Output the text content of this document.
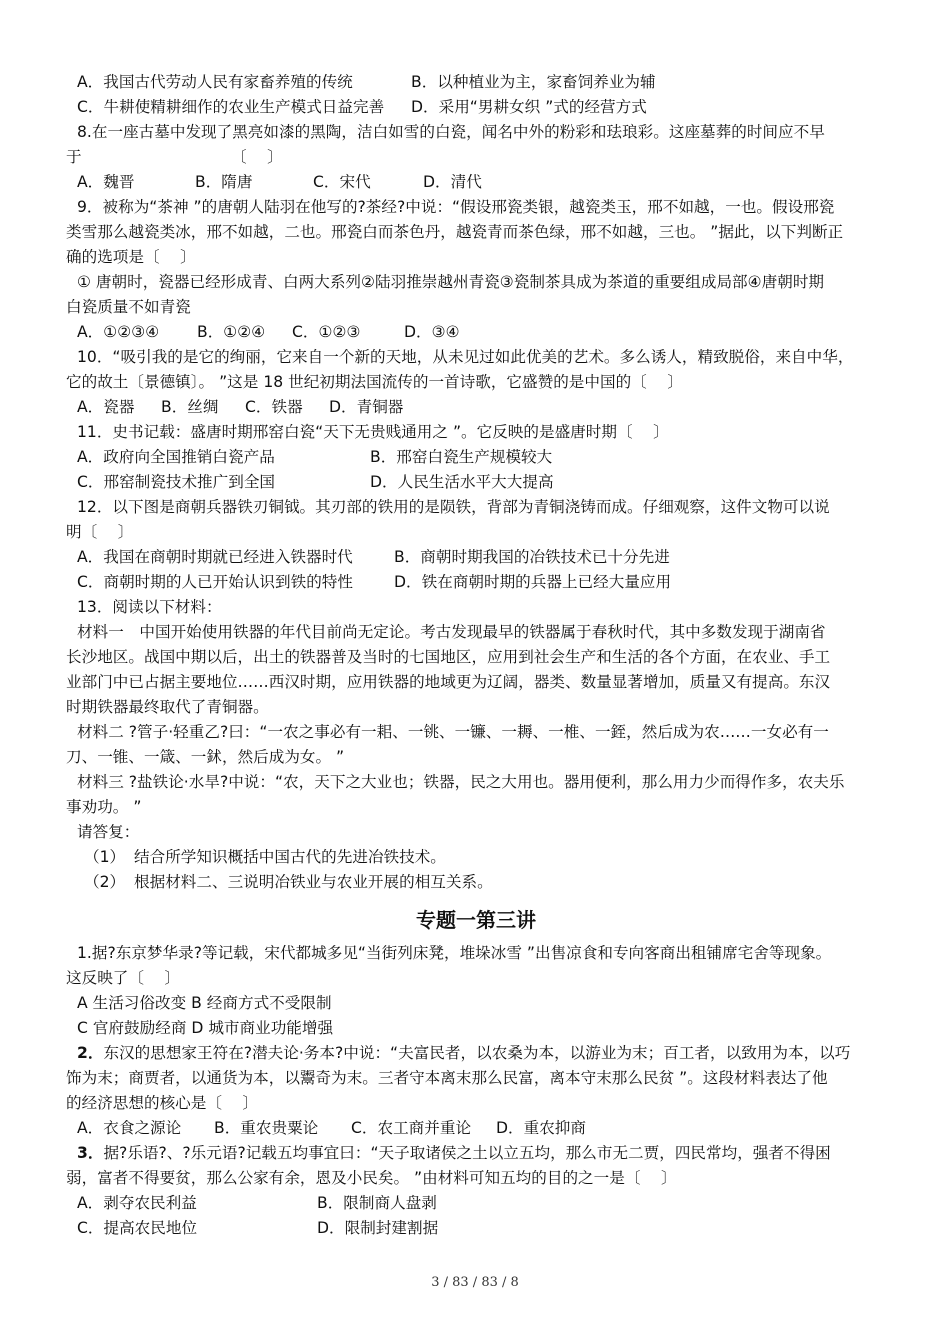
A．我国古代劳动人民有家畜养殖的传统	B．以种植业为主，家畜饲养业为辅
C．牛耕使精耕细作的农业生产模式日益完善	D．采用“男耕女织 ”式的经营方式
8.在一座古墓中发现了黑亮如漆的黑陶，洁白如雪的白瓷，闻名中外的粉彩和珐琅彩。这座墓葬的时间应不早
于	〔　 〕
A．魏晋	B．隋唐	C．宋代	D．清代
9．被称为“茶神 ”的唐朝人陆羽在他写的?茶经?中说：“假设邢瓷类银，越瓷类玉，邢不如越，一也。假设邢瓷
类雪那么越瓷类冰，邢不如越，二也。邢瓷白而茶色丹，越瓷青而茶色绿，邢不如越，三也。 ”据此，以下判断正
确的选项是〔　 〕
① 唐朝时，瓷器已经形成青、白两大系列②陆羽推崇越州青瓷③瓷制茶具成为茶道的重要组成局部④唐朝时期
白瓷质量不如青瓷
A．①②③④	B．①②④	C．①②③	D．③④
10．“吸引我的是它的绚丽，它来自一个新的天地，从未见过如此优美的艺术。多么诱人，精致脱俗，来自中华，
它的故土〔景德镇〕。 ”这是 18 世纪初期法国流传的一首诗歌，它盛赞的是中国的〔　 〕
A．瓷器	B．丝绸	C．铁器	D．青铜器
11．史书记载：盛唐时期邢窑白瓷“天下无贵贱通用之 ”。它反映的是盛唐时期〔　 〕
A．政府向全国推销白瓷产品	B．邢窑白瓷生产规模较大
C．邢窑制瓷技术推广到全国	D．人民生活水平大大提高
12．以下图是商朝兵器铁刃铜钺。其刃部的铁用的是陨铁，背部为青铜浇铸而成。仔细观察，这件文物可以说
明〔　 〕
A．我国在商朝时期就已经进入铁器时代	B．商朝时期我国的冶铁技术已十分先进
C．商朝时期的人已开始认识到铁的特性	D．铁在商朝时期的兵器上已经大量应用
13．阅读以下材料：
材料一　中国开始使用铁器的年代目前尚无定论。考古发现最早的铁器属于春秋时代，其中多数发现于湖南省
长沙地区。战国中期以后，出土的铁器普及当时的七国地区，应用到社会生产和生活的各个方面，在农业、手工
业部门中已占据主要地位……西汉时期，应用铁器的地域更为辽阔，器类、数量显著增加，质量又有提高。东汉
时期铁器最终取代了青铜器。
材料二 ?管子·轻重乙?曰：“一农之事必有一耜、一铫、一镰、一耨、一椎、一銍，然后成为农……一女必有一
刀、一锥、一箴、一鉥，然后成为女。 ”
材料三 ?盐铁论·水旱?中说：“农，天下之大业也；铁器，民之大用也。器用便利，那么用力少而得作多，农夫乐
事劝功。 ”
请答复：
（1） 结合所学知识概括中国古代的先进冶铁技术。
（2） 根据材料二、三说明冶铁业与农业开展的相互关系。
专题一第三讲
1.据?东京梦华录?等记载，宋代都城多见“当街列床凳，堆垛冰雪 ”出售凉食和专向客商出租铺席宅舍等现象。
这反映了〔　 〕
A 生活习俗改变 B 经商方式不受限制
C 官府鼓励经商 D 城市商业功能增强
2．东汉的思想家王符在?潜夫论·务本?中说：“夫富民者，以农桑为本，以游业为末；百工者，以致用为本，以巧
饰为末；商贾者，以通货为本，以鬻奇为末。三者守本离末那么民富，离本守末那么民贫 ”。这段材料表达了他
的经济思想的核心是〔　 〕
A．衣食之源论	B．重农贵粟论	C．农工商并重论	D．重农抑商
3．据?乐语?、?乐元语?记载五均事宜曰：“天子取诸侯之土以立五均，那么市无二贾，四民常均，强者不得困
弱，富者不得要贫，那么公家有余，恩及小民矣。 ”由材料可知五均的目的之一是〔　 〕
A．剥夺农民利益	B．限制商人盘剥
C．提高农民地位	D．限制封建割据
3 / 83 / 83 / 8
